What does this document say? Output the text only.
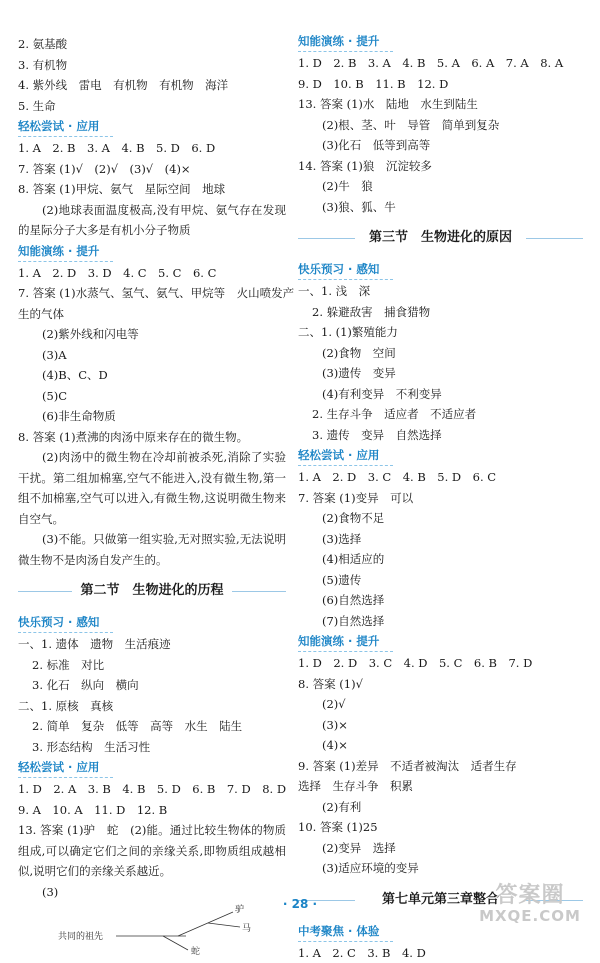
2. 氨基酸
3. 有机物
4. 紫外线　雷电　有机物　有机物　海洋
5. 生命
轻松尝试 · 应用
1. A　2. B　3. A　4. B　5. D　6. D
7. 答案 (1)√　(2)√　(3)√　(4)×
8. 答案 (1)甲烷、氨气　星际空间　地球
(2)地球表面温度极高,没有甲烷、氨气存在发现的星际分子大多是有机小分子物质
知能演练 · 提升
1. A　2. D　3. D　4. C　5. C　6. C
7. 答案 (1)水蒸气、氢气、氨气、甲烷等　火山喷发产
生的气体
(2)紫外线和闪电等
(3)A
(4)B、C、D
(5)C
(6)非生命物质
8. 答案 (1)煮沸的肉汤中原来存在的微生物。
(2)肉汤中的微生物在冷却前被杀死,消除了实验干扰。第二组加棉塞,空气不能进入,没有微生物,第一组不加棉塞,空气可以进入,有微生物,这说明微生物来自空气。
(3)不能。只做第一组实验,无对照实验,无法说明微生物不是肉汤自发产生的。
第二节　生物进化的历程
快乐预习 · 感知
一、1. 遗体　遗物　生活痕迹
2. 标准　对比
3. 化石　纵向　横向
二、1. 原核　真核
2. 简单　复杂　低等　高等　水生　陆生
3. 形态结构　生活习性
轻松尝试 · 应用
1. D　2. A　3. B　4. B　5. D　6. B　7. D　8. D
9. A　10. A　11. D　12. B
13. 答案 (1)驴　蛇　(2)能。通过比较生物体的物质组成,可以确定它们之间的亲缘关系,即物质组成越相似,说明它们的亲缘关系越近。
(3)
共同的祖先
驴
马
蛇
知能演练 · 提升
1. D　2. B　3. A　4. B　5. A　6. A　7. A　8. A
9. D　10. B　11. B　12. D
13. 答案 (1)水　陆地　水生到陆生
(2)根、茎、叶　导管　简单到复杂
(3)化石　低等到高等
14. 答案 (1)狼　沉淀较多
(2)牛　狼
(3)狼、狐、牛
第三节　生物进化的原因
快乐预习 · 感知
一、1. 浅　深
2. 躲避敌害　捕食猎物
二、1. (1)繁殖能力
(2)食物　空间
(3)遗传　变异
(4)有利变异　不利变异
2. 生存斗争　适应者　不适应者
3. 遗传　变异　自然选择
轻松尝试 · 应用
1. A　2. D　3. C　4. B　5. D　6. C
7. 答案 (1)变异　可以
(2)食物不足
(3)选择
(4)相适应的
(5)遗传
(6)自然选择
(7)自然选择
知能演练 · 提升
1. D　2. D　3. C　4. D　5. C　6. B　7. D
8. 答案 (1)√
(2)√
(3)×
(4)×
9. 答案 (1)差异　不适者被淘汰　适者生存
选择　生存斗争　积累
(2)有利
10. 答案 (1)25
(2)变异　选择
(3)适应环境的变异
第七单元第三章整合
中考聚焦 · 体验
1. A　2. C　3. B　4. D
· 28 ·	答案圈
MXQE.COM
